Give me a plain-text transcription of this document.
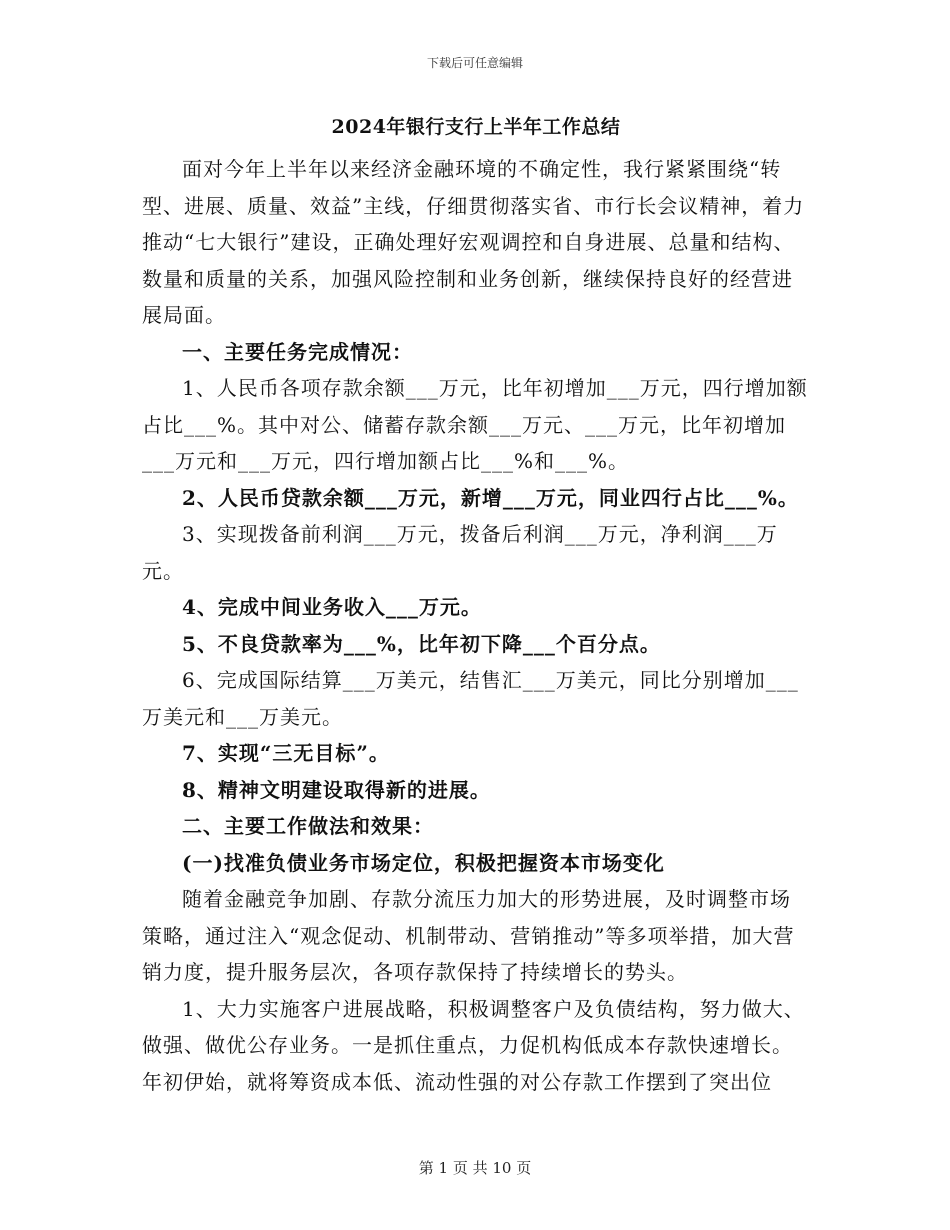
下载后可任意编辑
2024年银行支行上半年工作总结

面对今年上半年以来经济金融环境的不确定性，我行紧紧围绕“转型、进展、质量、效益”主线，仔细贯彻落实省、市行长会议精神，着力推动“七大银行”建设，正确处理好宏观调控和自身进展、总量和结构、数量和质量的关系，加强风险控制和业务创新，继续保持良好的经营进展局面。

一、主要任务完成情况：

1、人民币各项存款余额___万元，比年初增加___万元，四行增加额占比___%。其中对公、储蓄存款余额___万元、___万元，比年初增加___万元和___万元，四行增加额占比___%和___%。

2、人民币贷款余额___万元，新增___万元，同业四行占比___%。

3、实现拨备前利润___万元，拨备后利润___万元，净利润___万元。

4、完成中间业务收入___万元。

5、不良贷款率为___%，比年初下降___个百分点。

6、完成国际结算___万美元，结售汇___万美元，同比分别增加___万美元和___万美元。

7、实现“三无目标”。

8、精神文明建设取得新的进展。

二、主要工作做法和效果：

(一)找准负债业务市场定位，积极把握资本市场变化

随着金融竞争加剧、存款分流压力加大的形势进展，及时调整市场策略，通过注入“观念促动、机制带动、营销推动”等多项举措，加大营销力度，提升服务层次，各项存款保持了持续增长的势头。

1、大力实施客户进展战略，积极调整客户及负债结构，努力做大、做强、做优公存业务。一是抓住重点，力促机构低成本存款快速增长。年初伊始，就将筹资成本低、流动性强的对公存款工作摆到了突出位

第 1 页 共 10 页
